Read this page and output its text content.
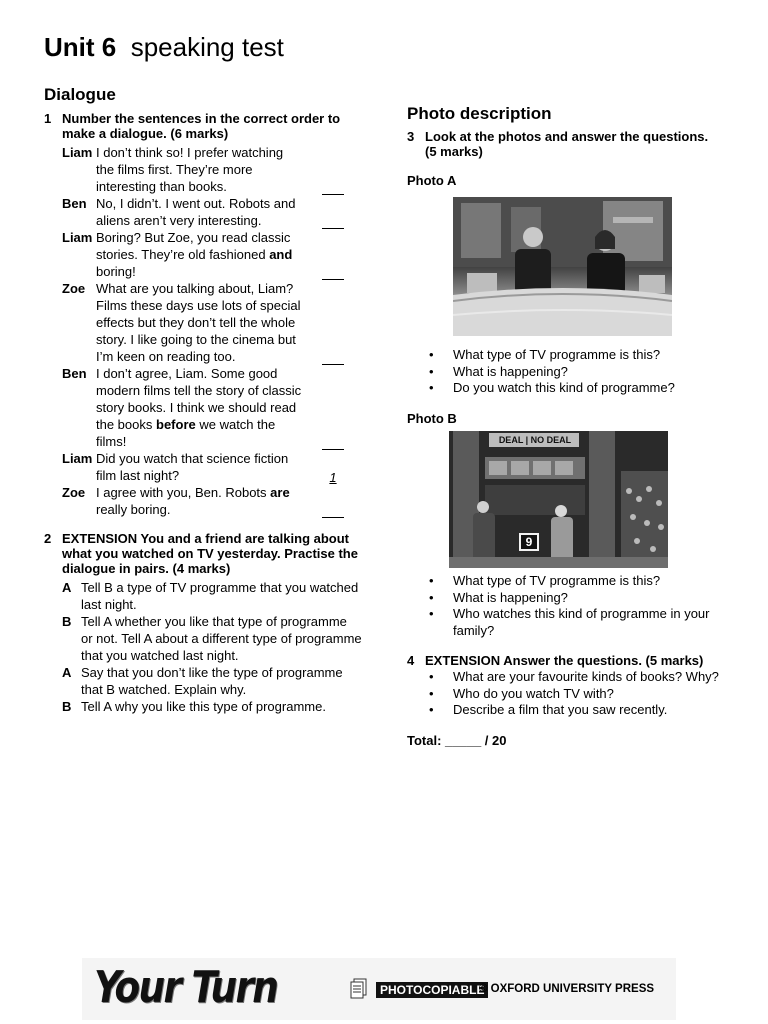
Unit 6 speaking test
Dialogue
1 Number the sentences in the correct order to make a dialogue. (6 marks)
Liam I don’t think so! I prefer watching the films first. They’re more interesting than books.
Ben No, I didn’t. I went out. Robots and aliens aren’t very interesting.
Liam Boring? But Zoe, you read classic stories. They’re old fashioned and boring!
Zoe What are you talking about, Liam? Films these days use lots of special effects but they don’t tell the whole story. I like going to the cinema but I’m keen on reading too.
Ben I don’t agree, Liam. Some good modern films tell the story of classic story books. I think we should read the books before we watch the films!
Liam Did you watch that science fiction film last night?	1
Zoe I agree with you, Ben. Robots are really boring.
2 EXTENSION You and a friend are talking about what you watched on TV yesterday. Practise the dialogue in pairs. (4 marks)
A Tell B a type of TV programme that you watched last night.
B Tell A whether you like that type of programme or not. Tell A about a different type of programme that you watched last night.
A Say that you don’t like the type of programme that B watched. Explain why.
B Tell A why you like this type of programme.
Photo description
3 Look at the photos and answer the questions. (5 marks)
Photo A
• What type of TV programme is this?
• What is happening?
• Do you watch this kind of programme?
Photo B
DEAL | NO DEAL
9
• What type of TV programme is this?
• What is happening?
• Who watches this kind of programme in your family?
4 EXTENSION Answer the questions. (5 marks)
• What are your favourite kinds of books? Why?
• Who do you watch TV with?
• Describe a film that you saw recently.
Total: _____ / 20
Your Turn	PHOTOCOPIABLE
© OXFORD UNIVERSITY PRESS
